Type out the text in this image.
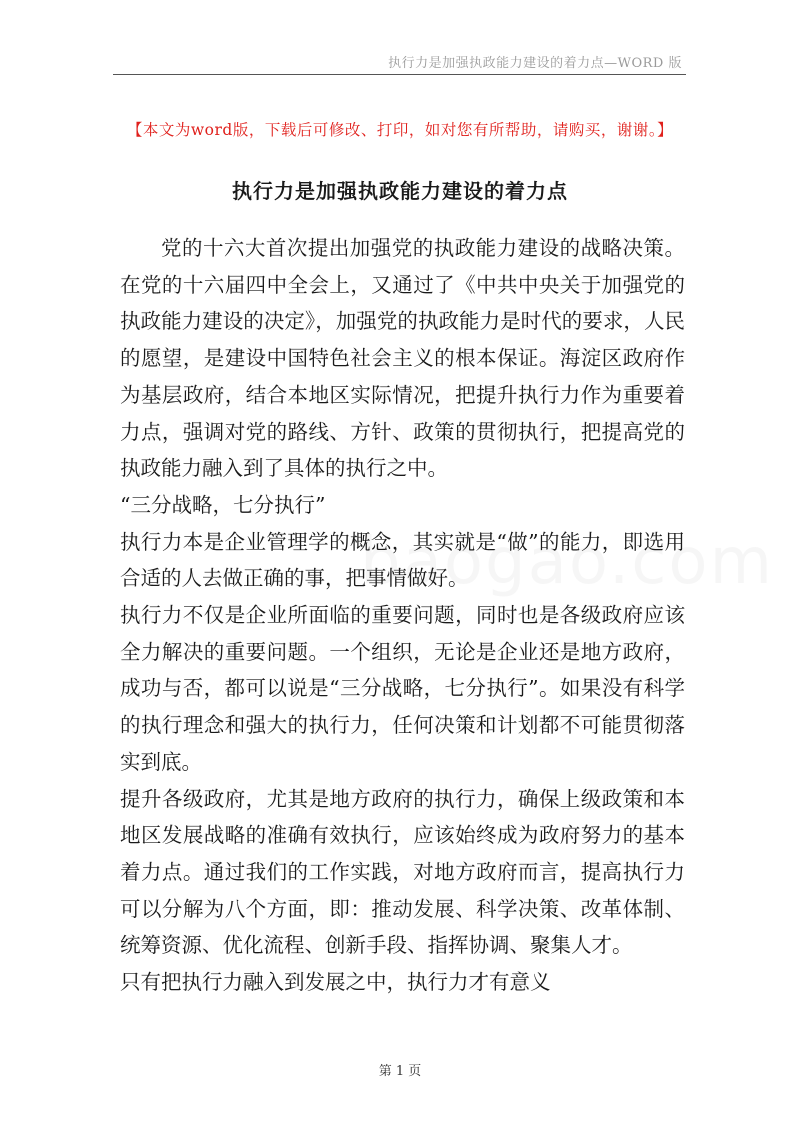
执行力是加强执政能力建设的着力点—WORD 版
【本文为word版，下载后可修改、打印，如对您有所帮助，请购买，谢谢。】
执行力是加强执政能力建设的着力点

党的十六大首次提出加强党的执政能力建设的战略决策。在党的十六届四中全会上，又通过了《中共中央关于加强党的执政能力建设的决定》，加强党的执政能力是时代的要求，人民的愿望，是建设中国特色社会主义的根本保证。海淀区政府作为基层政府，结合本地区实际情况，把提升执行力作为重要着力点，强调对党的路线、方针、政策的贯彻执行，把提高党的执政能力融入到了具体的执行之中。

“三分战略，七分执行”

执行力本是企业管理学的概念，其实就是“做”的能力，即选用合适的人去做正确的事，把事情做好。

执行力不仅是企业所面临的重要问题，同时也是各级政府应该全力解决的重要问题。一个组织，无论是企业还是地方政府，成功与否，都可以说是“三分战略，七分执行”。如果没有科学的执行理念和强大的执行力，任何决策和计划都不可能贯彻落实到底。

提升各级政府，尤其是地方政府的执行力，确保上级政策和本地区发展战略的准确有效执行，应该始终成为政府努力的基本着力点。通过我们的工作实践，对地方政府而言，提高执行力可以分解为八个方面，即：推动发展、科学决策、改革体制、统筹资源、优化流程、创新手段、指挥协调、聚集人才。

只有把执行力融入到发展之中，执行力才有意义

第 1 页
